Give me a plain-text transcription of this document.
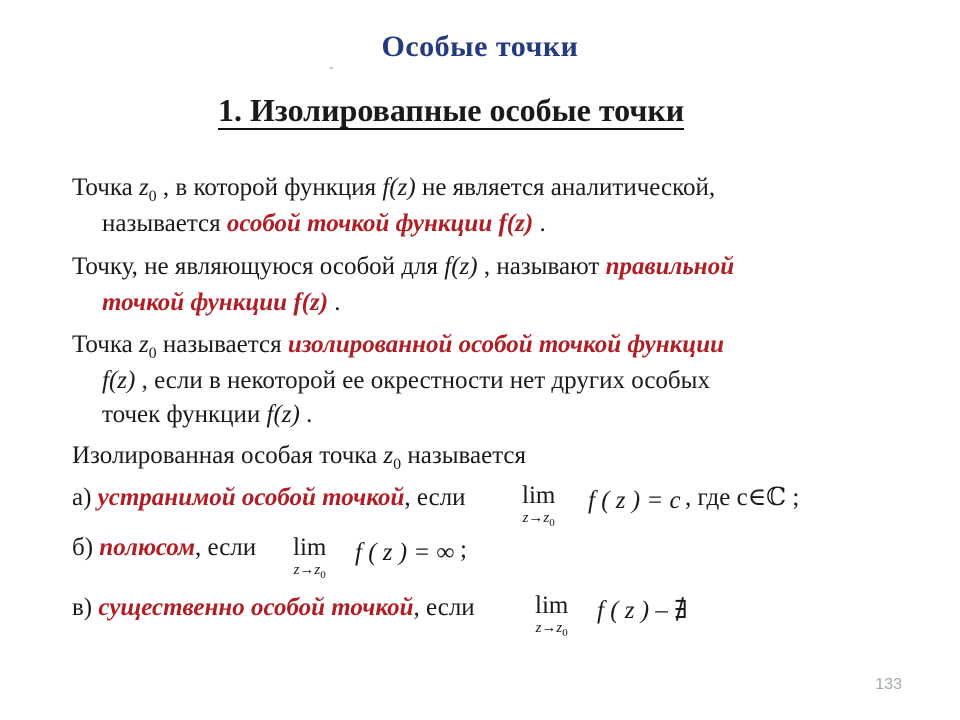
Особые точки
-
1. Изолировапные особые точки
Точка $z_0$ , в которой функция f(z) не является аналитической,
называется особой точкой функции f(z) .
Точку, не являющуюся особой для f(z) , называют правильной
точкой функции f(z) .
Точка $z_0$ называется изолированной особой точкой функции
f(z) , если в некоторой ее окрестности нет других особых
точек функции f(z) .
Изолированная особая точка $z_0$ называется
а) устранимой особой точкой, если lim
$z\to z_0$
f ( z ) = c , где c∈ℂ ;
б) полюсом, если lim
$z\to z_0$
f ( z ) = ∞ ;
в) существенно особой точкой, если lim
$z\to z_0$
f ( z ) – ∄
133
